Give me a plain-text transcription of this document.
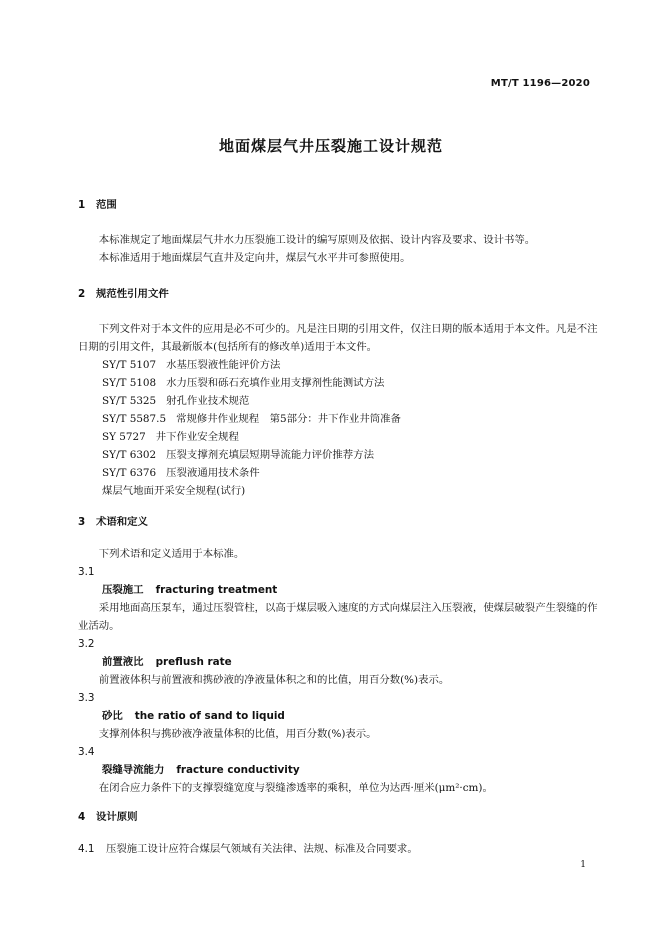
MT/T 1196—2020
地面煤层气井压裂施工设计规范
1 范围

本标准规定了地面煤层气井水力压裂施工设计的编写原则及依据、设计内容及要求、设计书等。

本标准适用于地面煤层气直井及定向井，煤层气水平井可参照使用。

2 规范性引用文件

下列文件对于本文件的应用是必不可少的。凡是注日期的引用文件，仅注日期的版本适用于本文件。凡是不注日期的引用文件，其最新版本(包括所有的修改单)适用于本文件。

SY/T 5107 水基压裂液性能评价方法

SY/T 5108 水力压裂和砾石充填作业用支撑剂性能测试方法

SY/T 5325 射孔作业技术规范

SY/T 5587.5 常规修井作业规程　第5部分：井下作业井筒准备

SY 5727 井下作业安全规程

SY/T 6302 压裂支撑剂充填层短期导流能力评价推荐方法

SY/T 6376 压裂液通用技术条件

煤层气地面开采安全规程(试行)

3 术语和定义

下列术语和定义适用于本标准。

3.1
压裂施工 fracturing treatment

采用地面高压泵车，通过压裂管柱，以高于煤层吸入速度的方式向煤层注入压裂液，使煤层破裂产生裂缝的作业活动。

3.2
前置液比 preflush rate

前置液体积与前置液和携砂液的净液量体积之和的比值，用百分数(%)表示。

3.3
砂比 the ratio of sand to liquid

支撑剂体积与携砂液净液量体积的比值，用百分数(%)表示。

3.4
裂缝导流能力 fracture conductivity

在闭合应力条件下的支撑裂缝宽度与裂缝渗透率的乘积，单位为达西·厘米(μm²·cm)。

4 设计原则
4.1 压裂施工设计应符合煤层气领域有关法律、法规、标准及合同要求。
1
